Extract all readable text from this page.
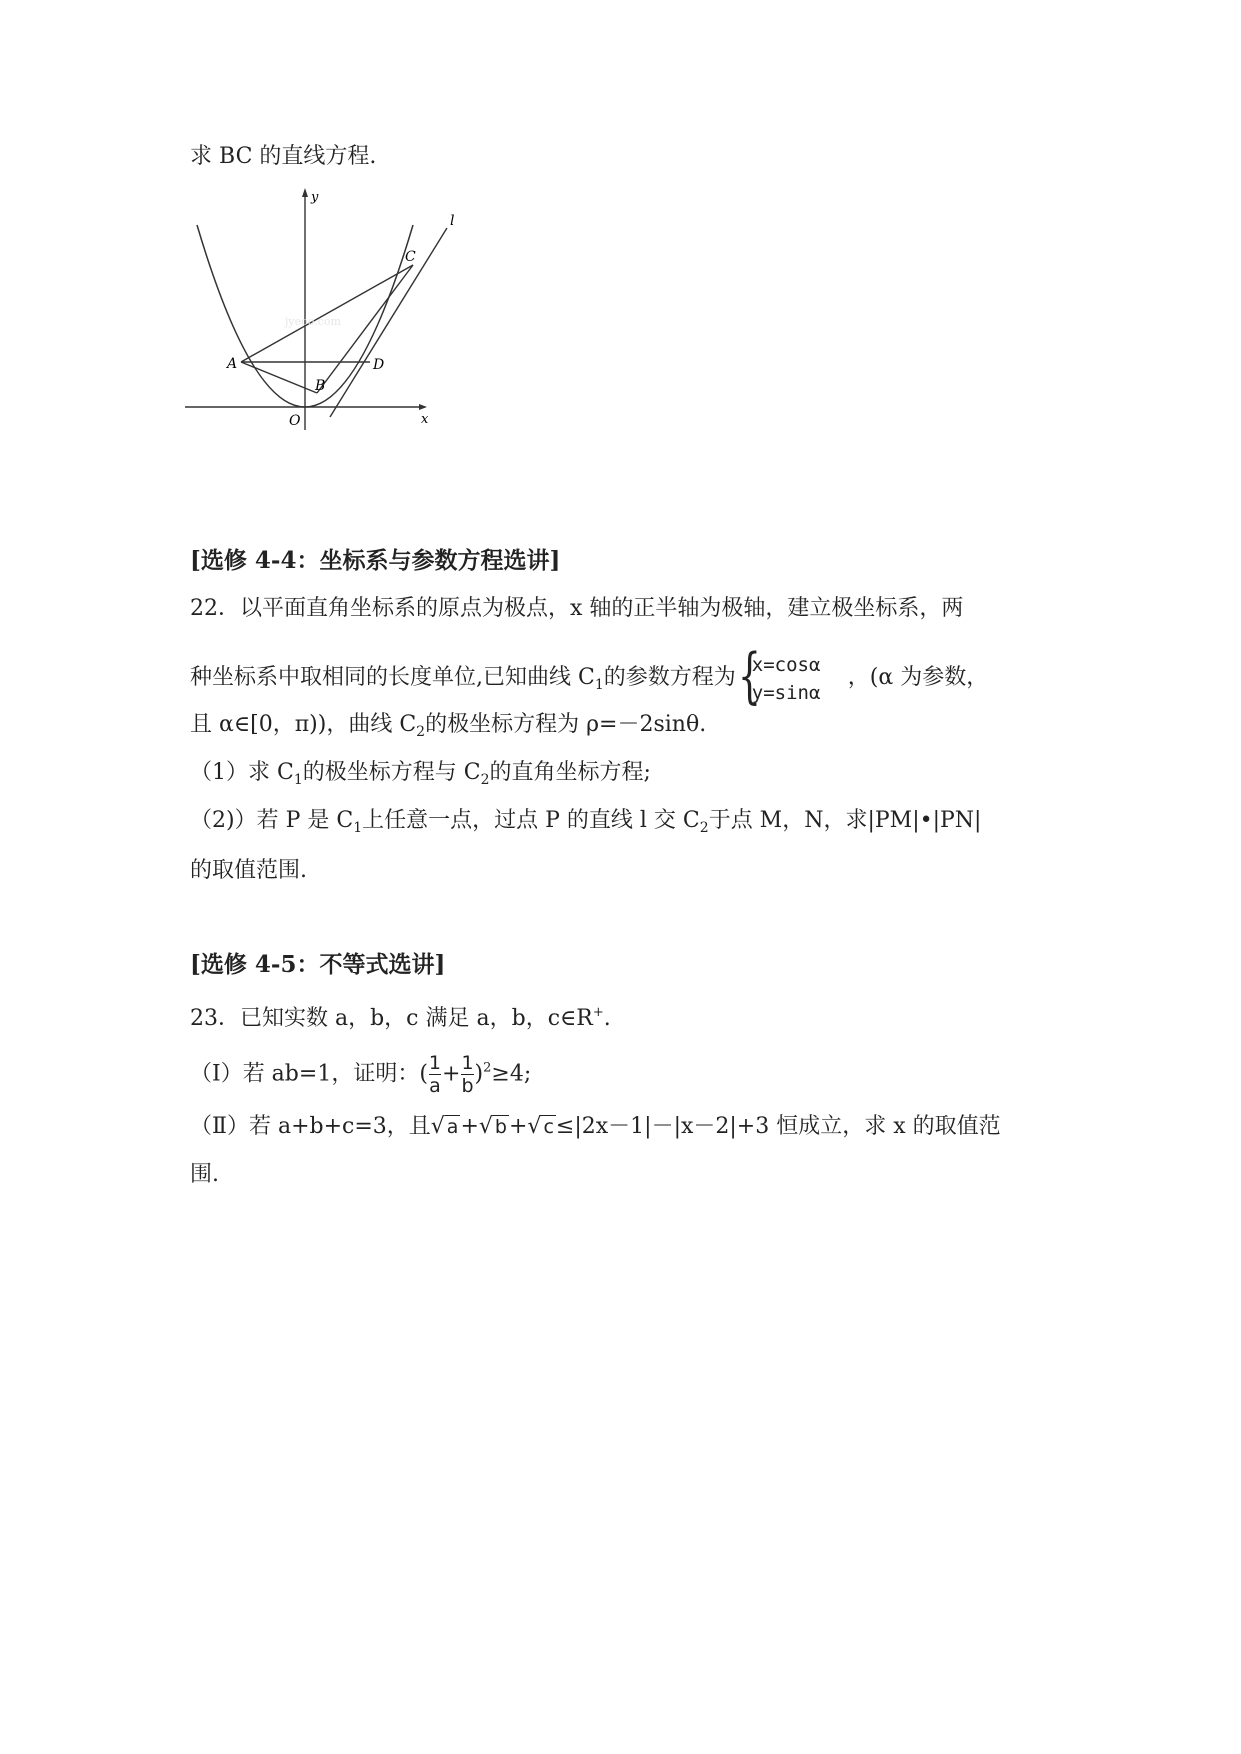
求 BC 的直线方程.
jyeoo.com
y
x
O
A
B
C
D
l
[选修 4-4：坐标系与参数方程选讲]
22．以平面直角坐标系的原点为极点，x 轴的正半轴为极轴，建立极坐标系，两
种坐标系中取相同的长度单位,已知曲线 $C_1$的参数方程为 {
x=cosα
y=sinα
，(α 为参数，
且 α∈[0，π))，曲线 $C_2$的极坐标方程为 ρ=－2sinθ.
（1）求 $C_1$的极坐标方程与 $C_2$的直角坐标方程;
（2)）若 P 是 $C_1$上任意一点，过点 P 的直线 l 交 $C_2$于点 M，N，求|PM|•|PN|
的取值范围.
[选修 4-5：不等式选讲]
23．已知实数 a，b，c 满足 a，b，c∈R+.
（Ⅰ）若 ab=1，证明：( $\frac{1}{a} + \frac{1}{b} )^2\ge 4$;
（Ⅱ）若 a+b+c=3，且√ a+√ b+√ c≤|2x－1|－|x－2|+3 恒成立，求 x 的取值范
围.
